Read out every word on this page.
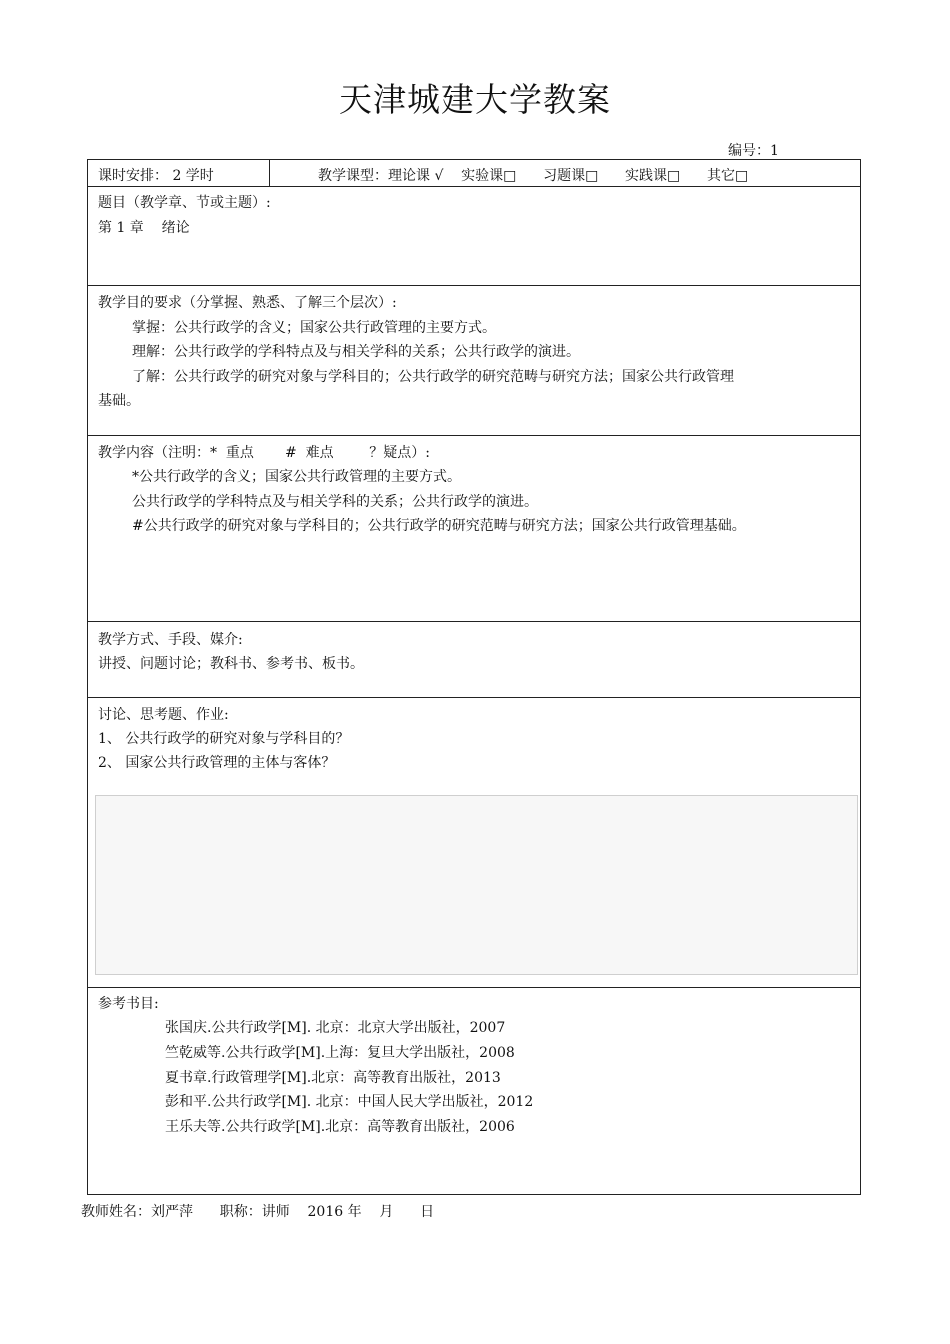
天津城建大学教案
编号：1
课时安排： 2 学时	教学课型：理论课 √    实验课□      习题课□      实践课□      其它□
题目（教学章、节或主题）:
第 1 章    绪论
教学目的要求（分掌握、熟悉、了解三个层次）:
掌握：公共行政学的含义；国家公共行政管理的主要方式。
理解：公共行政学的学科特点及与相关学科的关系；公共行政学的演进。
了解：公共行政学的研究对象与学科目的；公共行政学的研究范畴与研究方法；国家公共行政管理
基础。
教学内容（注明：*  重点       #  难点        ？疑点）:
*公共行政学的含义；国家公共行政管理的主要方式。
公共行政学的学科特点及与相关学科的关系；公共行政学的演进。
#公共行政学的研究对象与学科目的；公共行政学的研究范畴与研究方法；国家公共行政管理基础。
教学方式、手段、媒介:
讲授、问题讨论；教科书、参考书、板书。
讨论、思考题、作业:
1、 公共行政学的研究对象与学科目的？
2、 国家公共行政管理的主体与客体？
参考书目:
张国庆.公共行政学[M]. 北京：北京大学出版社，2007
竺乾威等.公共行政学[M].上海：复旦大学出版社，2008
夏书章.行政管理学[M].北京：高等教育出版社，2013
彭和平.公共行政学[M]. 北京：中国人民大学出版社，2012
王乐夫等.公共行政学[M].北京：高等教育出版社，2006
教师姓名：刘严萍      职称：讲师    2016 年    月      日
